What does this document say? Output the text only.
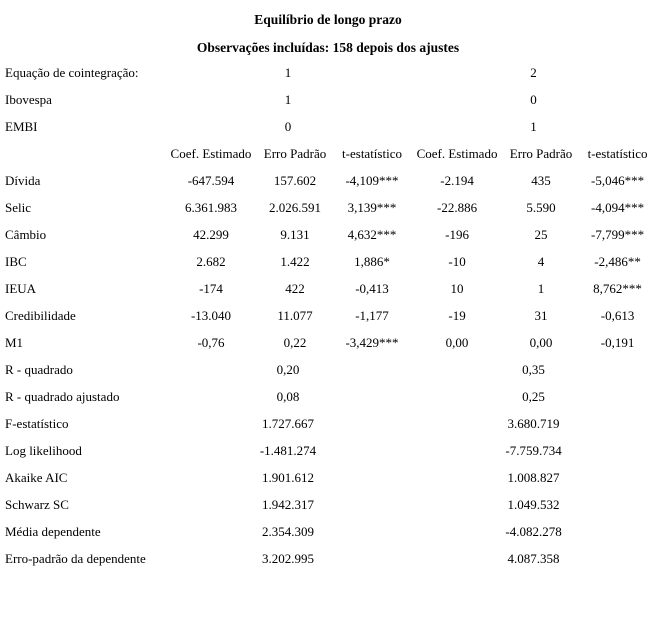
Equilíbrio de longo prazo
Observações incluídas: 158 depois dos ajustes
Equação de cointegração:	1			2		
Ibovespa	1			0		
EMBI	0			1		
	Coef. Estimado	Erro Padrão	t-estatístico	Coef. Estimado	Erro Padrão	t-estatístico
Dívida	-647.594	157.602	-4,109***	-2.194	435	-5,046***
Selic	6.361.983	2.026.591	3,139***	-22.886	5.590	-4,094***
Câmbio	42.299	9.131	4,632***	-196	25	-7,799***
IBC	2.682	1.422	1,886*	-10	4	-2,486**
IEUA	-174	422	-0,413	10	1	8,762***
Credibilidade	-13.040	11.077	-1,177	-19	31	-0,613
M1	-0,76	0,22	-3,429***	0,00	0,00	-0,191
R - quadrado	0,20			0,35		
R - quadrado ajustado	0,08			0,25		
F-estatístico	1.727.667			3.680.719		
Log likelihood	-1.481.274			-7.759.734		
Akaike AIC	1.901.612			1.008.827		
Schwarz SC	1.942.317			1.049.532		
Média dependente	2.354.309			-4.082.278		
Erro-padrão da dependente	3.202.995			4.087.358		
